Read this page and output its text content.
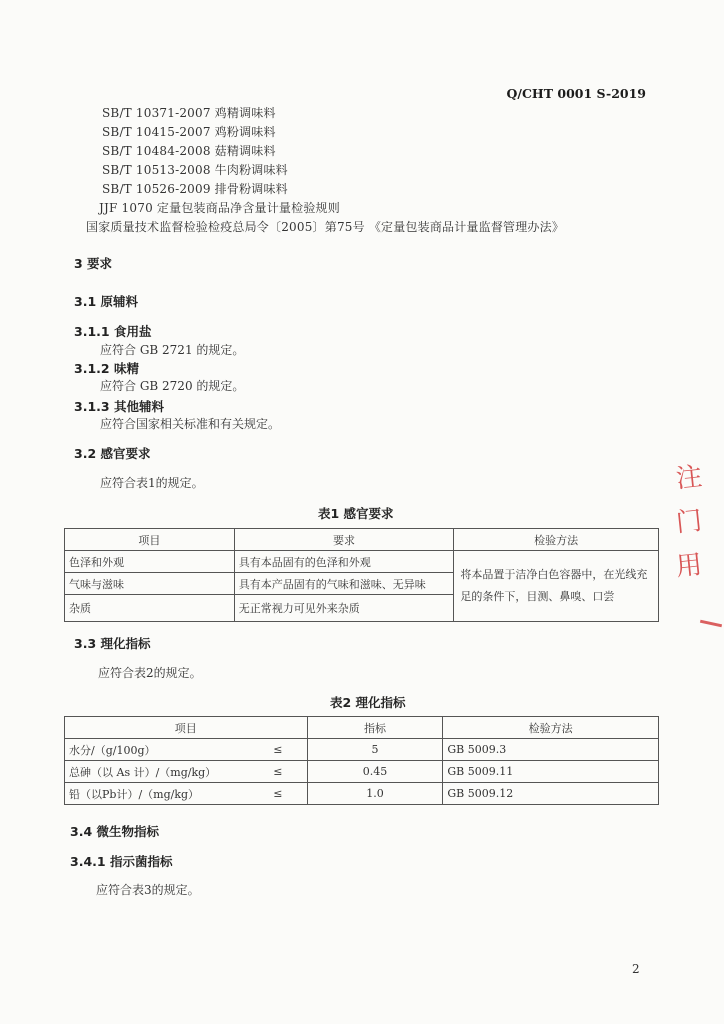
Q/CHT 0001 S-2019
SB/T 10371-2007 鸡精调味料
SB/T 10415-2007 鸡粉调味料
SB/T 10484-2008 菇精调味料
SB/T 10513-2008 牛肉粉调味料
SB/T 10526-2009 排骨粉调味料
JJF 1070 定量包装商品净含量计量检验规则
国家质量技术监督检验检疫总局令〔2005〕第75号 《定量包装商品计量监督管理办法》
3 要求
3.1 原辅料
3.1.1 食用盐
应符合 GB 2721 的规定。
3.1.2 味精
应符合 GB 2720 的规定。
3.1.3 其他辅料
应符合国家相关标准和有关规定。
3.2 感官要求
应符合表1的规定。
表1 感官要求
项目	要求	检验方法
色泽和外观	具有本品固有的色泽和外观	将本品置于洁净白色容器中，在光线充足的条件下，目测、鼻嗅、口尝
气味与滋味	具有本产品固有的气味和滋味、无异味	
杂质	无正常视力可见外来杂质	
3.3 理化指标
应符合表2的规定。
表2 理化指标
项目		指标	检验方法
水分/（g/100g）	≤	5	GB 5009.3
总砷（以 As 计）/（mg/kg）	≤	0.45	GB 5009.11
铅（以Pb计）/（mg/kg）	≤	1.0	GB 5009.12
3.4 微生物指标
3.4.1 指示菌指标
应符合表3的规定。
2
注
门
用
